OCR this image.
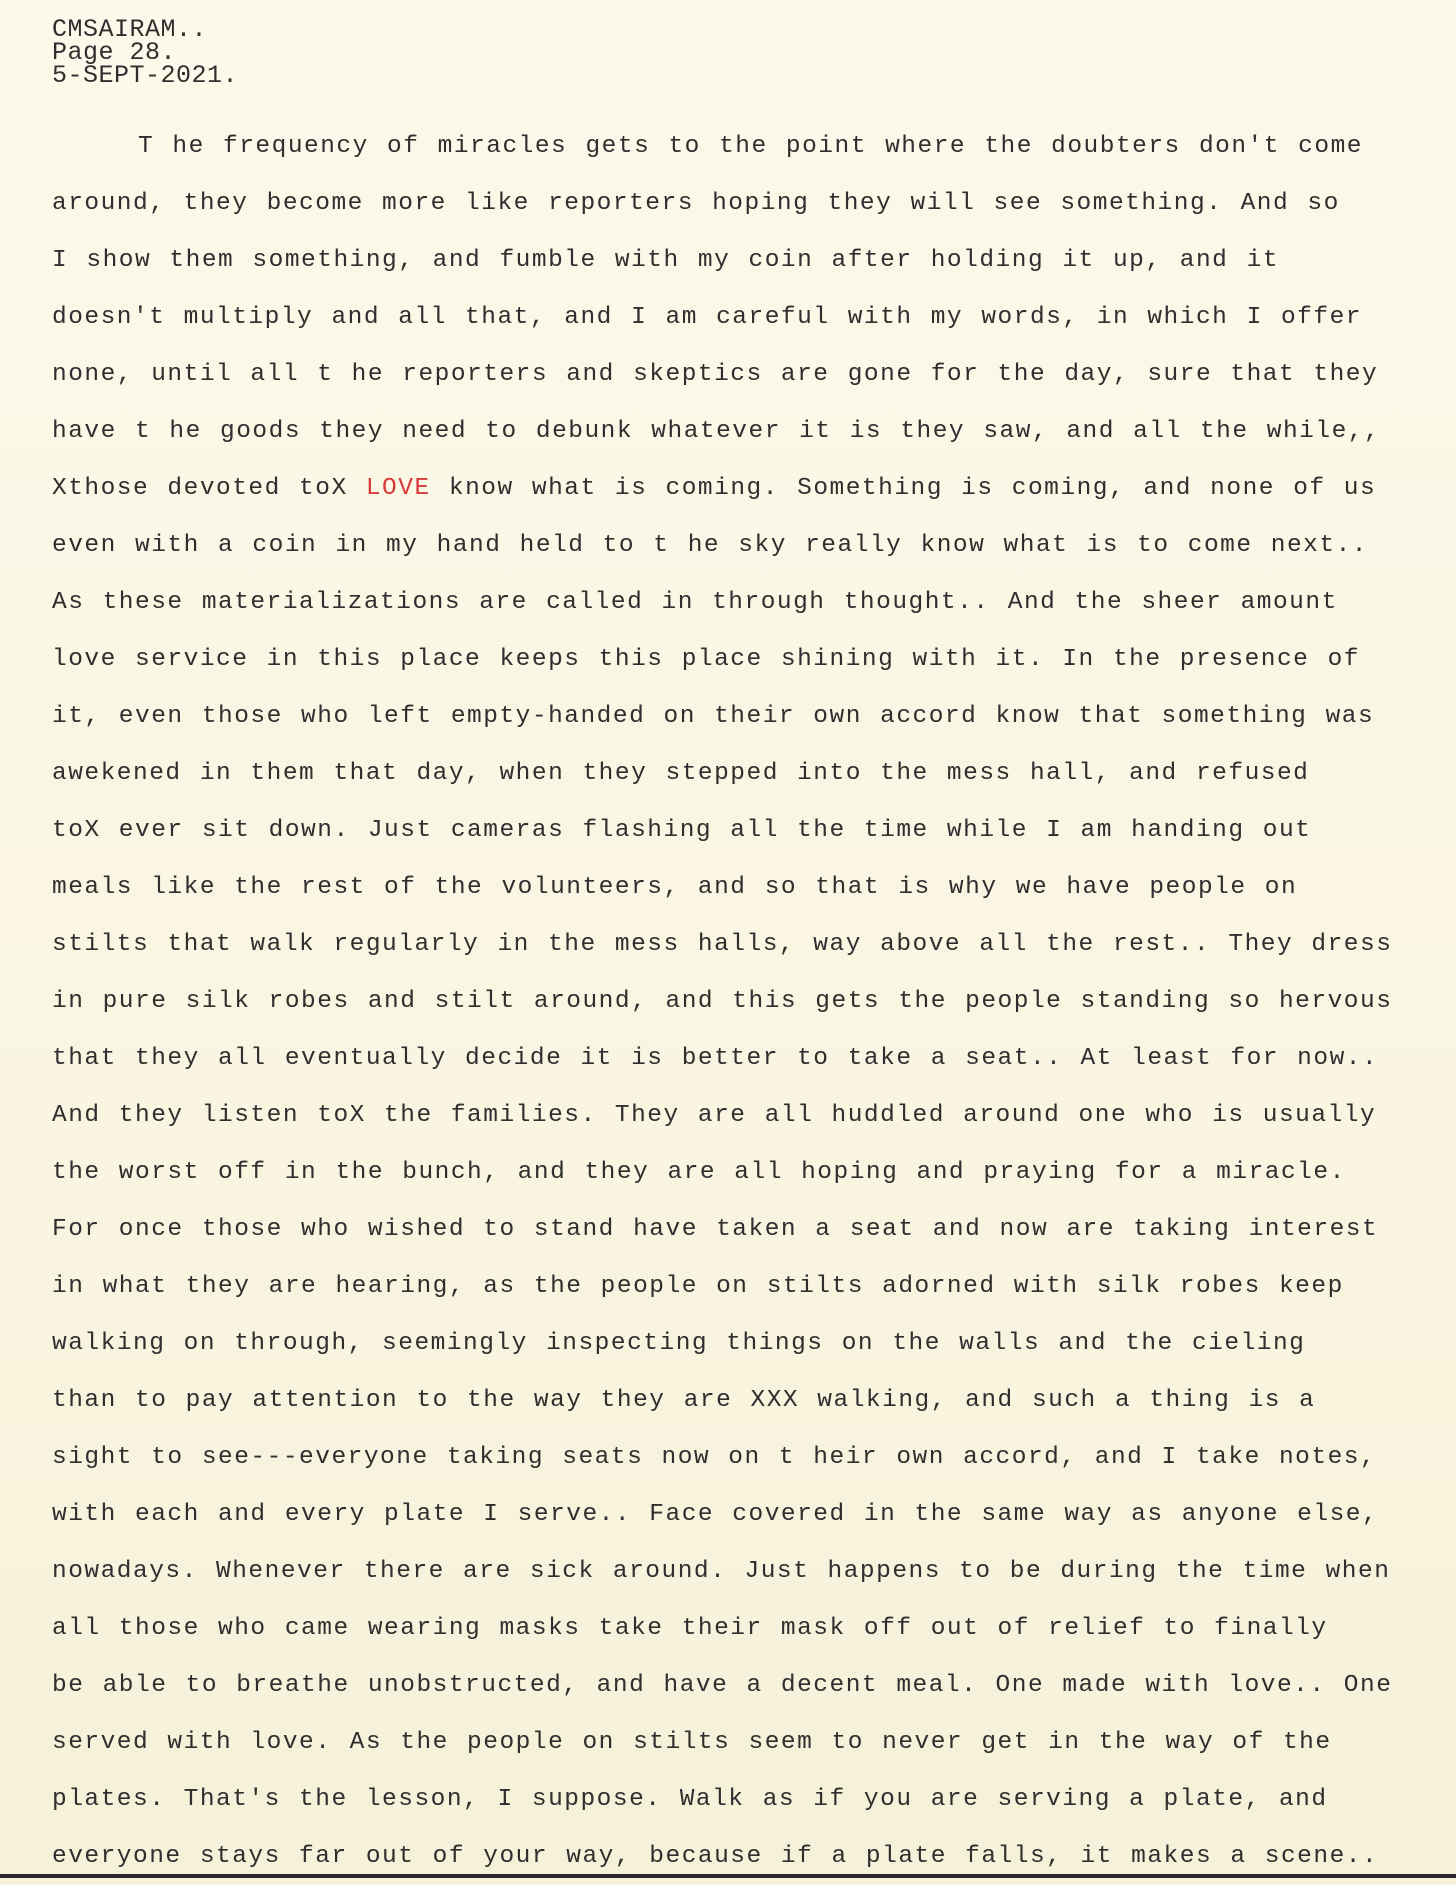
CMSAIRAM..
Page 28.
5-SEPT-2021.
T he frequency of miracles gets to the point where the doubters don't come
around, they become more like reporters hoping they will see something. And so
I show them something, and fumble with my coin after holding it up, and it
doesn't multiply and all that, and I am careful with my words, in which I offer
none, until all t he reporters and skeptics are gone for the day, sure that they
have t he goods they need to debunk whatever it is they saw, and all the while,,
Xthose devoted toX LOVE know what is coming. Something is coming, and none of us
even with a coin in my hand held to t he sky really know what is to come next..
As these materializations are called in through thought.. And the sheer amount
love service in this place keeps this place shining with it. In the presence of
it, even those who left empty-handed on their own accord know that something was
awekened in them that day, when they stepped into the mess hall, and refused
toX ever sit down. Just cameras flashing all the time while I am handing out
meals like the rest of the volunteers, and so that is why we have people on
stilts that walk regularly in the mess halls, way above all the rest.. They dress
in pure silk robes and stilt around, and this gets the people standing so hervous
that they all eventually decide it is better to take a seat.. At least for now..
And they listen toX the families. They are all huddled around one who is usually
the worst off in the bunch, and they are all hoping and praying for a miracle.
For once those who wished to stand have taken a seat and now are taking interest
in what they are hearing, as the people on stilts adorned with silk robes keep
walking on through, seemingly inspecting things on the walls and the cieling
than to pay attention to the way they are XXX walking, and such a thing is a
sight to see---everyone taking seats now on t heir own accord, and I take notes,
with each and every plate I serve.. Face covered in the same way as anyone else,
nowadays. Whenever there are sick around. Just happens to be during the time when
all those who came wearing masks take their mask off out of relief to finally
be able to breathe unobstructed, and have a decent meal. One made with love.. One
served with love. As the people on stilts seem to never get in the way of the
plates. That's the lesson, I suppose. Walk as if you are serving a plate, and
everyone stays far out of your way, because if a plate falls, it makes a scene..
